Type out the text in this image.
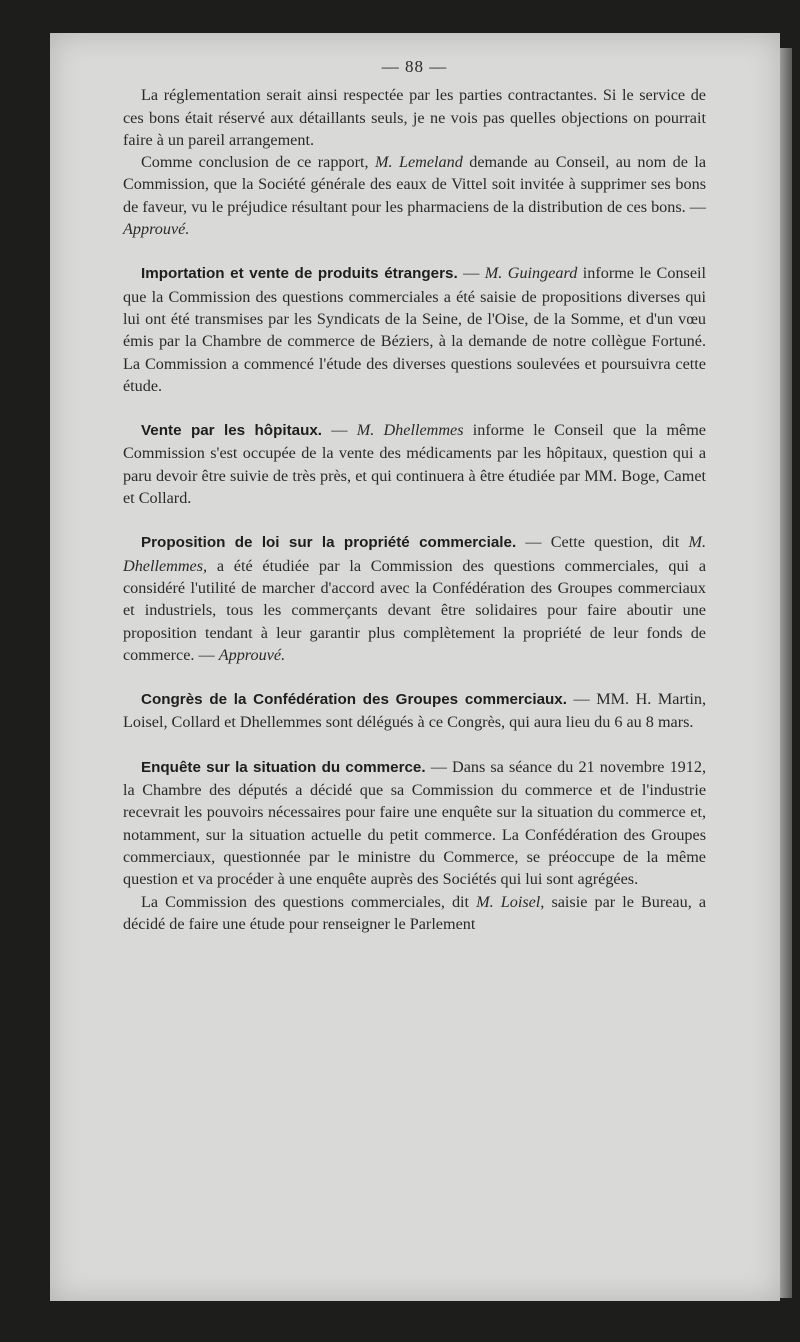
— 88 —

La réglementation serait ainsi respectée par les parties contractantes. Si le service de ces bons était réservé aux détaillants seuls, je ne vois pas quelles objections on pourrait faire à un pareil arrangement.

Comme conclusion de ce rapport, M. Lemeland demande au Conseil, au nom de la Commission, que la Société générale des eaux de Vittel soit invitée à supprimer ses bons de faveur, vu le préjudice résultant pour les pharmaciens de la distribution de ces bons. — Approuvé.

Importation et vente de produits étrangers. — M. Guingeard informe le Conseil que la Commission des questions commerciales a été saisie de propositions diverses qui lui ont été transmises par les Syndicats de la Seine, de l'Oise, de la Somme, et d'un vœu émis par la Chambre de commerce de Béziers, à la demande de notre collègue Fortuné. La Commission a commencé l'étude des diverses questions soulevées et poursuivra cette étude.

Vente par les hôpitaux. — M. Dhellemmes informe le Conseil que la même Commission s'est occupée de la vente des médicaments par les hôpitaux, question qui a paru devoir être suivie de très près, et qui continuera à être étudiée par MM. Boge, Camet et Collard.

Proposition de loi sur la propriété commerciale. — Cette question, dit M. Dhellemmes, a été étudiée par la Commission des questions commerciales, qui a considéré l'utilité de marcher d'accord avec la Confédération des Groupes commerciaux et industriels, tous les commerçants devant être solidaires pour faire aboutir une proposition tendant à leur garantir plus complètement la propriété de leur fonds de commerce. — Approuvé.

Congrès de la Confédération des Groupes commerciaux. — MM. H. Martin, Loisel, Collard et Dhellemmes sont délégués à ce Congrès, qui aura lieu du 6 au 8 mars.

Enquête sur la situation du commerce. — Dans sa séance du 21 novembre 1912, la Chambre des députés a décidé que sa Commission du commerce et de l'industrie recevrait les pouvoirs nécessaires pour faire une enquête sur la situation du commerce et, notamment, sur la situation actuelle du petit commerce. La Confédération des Groupes commerciaux, questionnée par le ministre du Commerce, se préoccupe de la même question et va procéder à une enquête auprès des Sociétés qui lui sont agrégées.

La Commission des questions commerciales, dit M. Loisel, saisie par le Bureau, a décidé de faire une étude pour renseigner le Parlement
